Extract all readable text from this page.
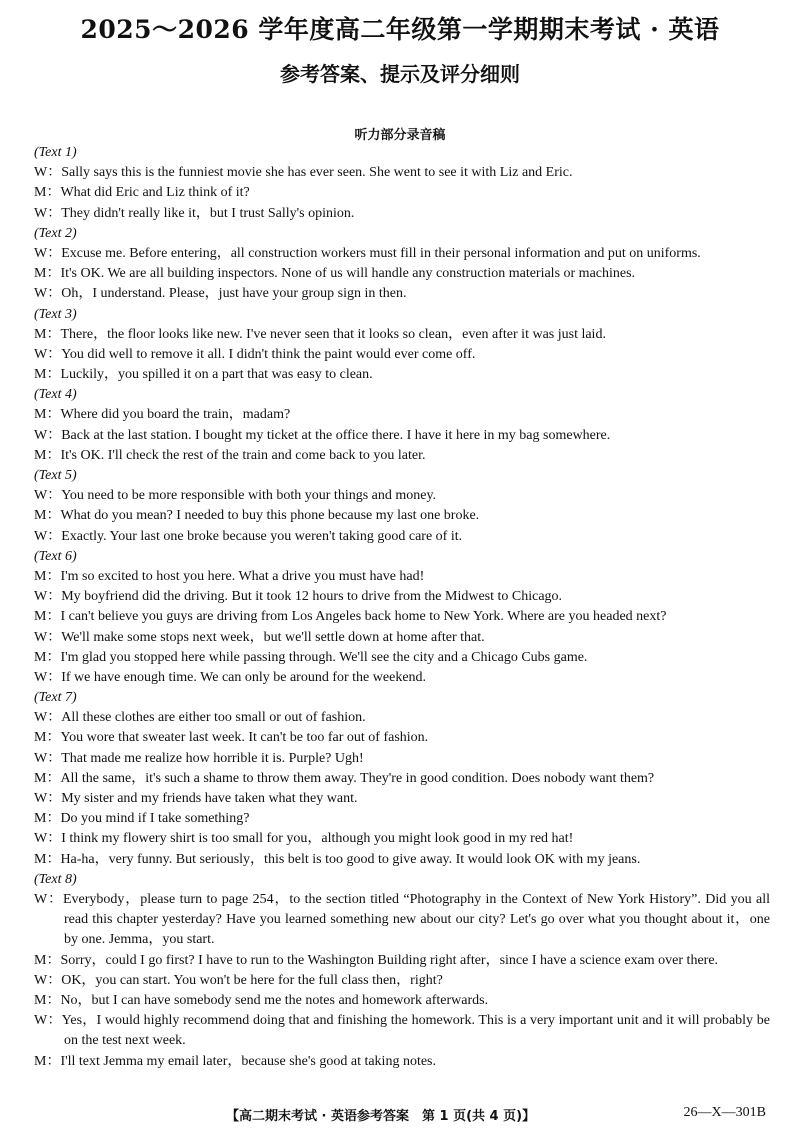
2025～2026 学年度高二年级第一学期期末考试 · 英语
参考答案、提示及评分细则
听力部分录音稿
(Text 1)
W：Sally says this is the funniest movie she has ever seen. She went to see it with Liz and Eric.
M：What did Eric and Liz think of it?
W：They didn't really like it，but I trust Sally's opinion.
(Text 2)
W：Excuse me. Before entering，all construction workers must fill in their personal information and put on uniforms.
M：It's OK. We are all building inspectors. None of us will handle any construction materials or machines.
W：Oh，I understand. Please，just have your group sign in then.
(Text 3)
M：There，the floor looks like new. I've never seen that it looks so clean，even after it was just laid.
W：You did well to remove it all. I didn't think the paint would ever come off.
M：Luckily，you spilled it on a part that was easy to clean.
(Text 4)
M：Where did you board the train，madam?
W：Back at the last station. I bought my ticket at the office there. I have it here in my bag somewhere.
M：It's OK. I'll check the rest of the train and come back to you later.
(Text 5)
W：You need to be more responsible with both your things and money.
M：What do you mean? I needed to buy this phone because my last one broke.
W：Exactly. Your last one broke because you weren't taking good care of it.
(Text 6)
M：I'm so excited to host you here. What a drive you must have had!
W：My boyfriend did the driving. But it took 12 hours to drive from the Midwest to Chicago.
M：I can't believe you guys are driving from Los Angeles back home to New York. Where are you headed next?
W：We'll make some stops next week，but we'll settle down at home after that.
M：I'm glad you stopped here while passing through. We'll see the city and a Chicago Cubs game.
W：If we have enough time. We can only be around for the weekend.
(Text 7)
W：All these clothes are either too small or out of fashion.
M：You wore that sweater last week. It can't be too far out of fashion.
W：That made me realize how horrible it is. Purple? Ugh!
M：All the same，it's such a shame to throw them away. They're in good condition. Does nobody want them?
W：My sister and my friends have taken what they want.
M：Do you mind if I take something?
W：I think my flowery shirt is too small for you，although you might look good in my red hat!
M：Ha-ha，very funny. But seriously，this belt is too good to give away. It would look OK with my jeans.
(Text 8)
W：Everybody，please turn to page 254，to the section titled “Photography in the Context of New York History”. Did you all read this chapter yesterday? Have you learned something new about our city? Let's go over what you thought about it，one by one. Jemma，you start.
M：Sorry，could I go first? I have to run to the Washington Building right after，since I have a science exam over there.
W：OK，you can start. You won't be here for the full class then，right?
M：No，but I can have somebody send me the notes and homework afterwards.
W：Yes，I would highly recommend doing that and finishing the homework. This is a very important unit and it will probably be on the test next week.
M：I'll text Jemma my email later，because she's good at taking notes.
【高二期末考试 · 英语参考答案　第 1 页(共 4 页)】	26—X—301B
